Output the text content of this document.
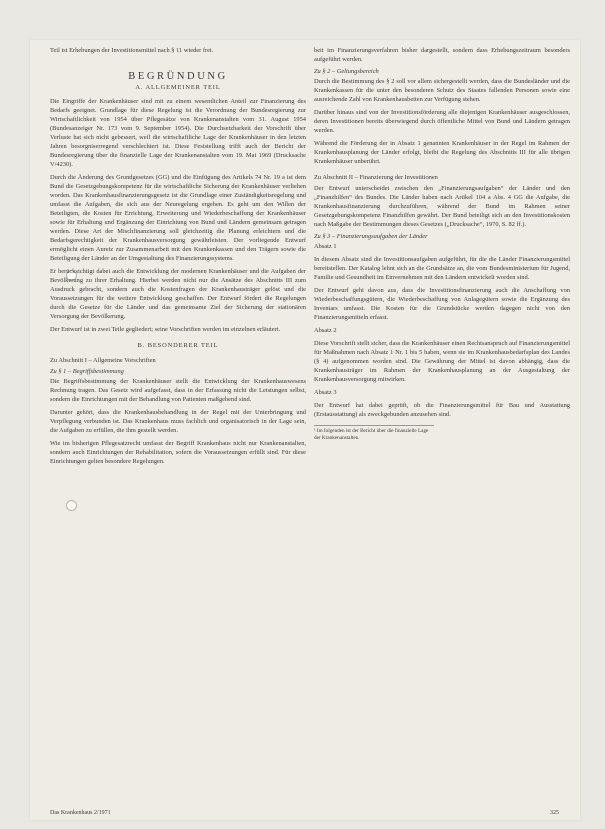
Teil ist Erhebungen der Investitionsmittel nach § 11 wieder frei.

BEGRÜNDUNG
A. ALLGEMEINER TEIL

Die Eingriffe der Krankenhäuser sind mit zu einem wesentlichen Anteil zur Finanzierung des Bedarfs geeignet. Grundlage für diese Regelung ist die Verordnung der Bundesregierung zur Wirtschaftlichkeit von 1954 über Pflegesätze von Krankenanstalten vom 31. August 1954 (Bundesanzeiger Nr. 173 vom 9. September 1954). Die Durchsetzbarkeit der Vorschrift über Verluste hat sich nicht gebessert, weil die wirtschaftliche Lage der Krankenhäuser in den letzten Jahren besorgniserregend verschlechtert ist. Diese Feststellung trifft auch der Bericht der Bundesregierung über die finanzielle Lage der Krankenanstalten vom 19. Mai 1969 (Drucksache V/4230).

Durch die Änderung des Grundgesetzes (GG) und die Einfügung des Artikels 74 Nr. 19 a ist dem Bund die Gesetzgebungskompetenz für die wirtschaftliche Sicherung der Krankenhäuser verliehen worden. Das Krankenhausfinanzierungsgesetz ist die Grundlage einer Zuständigkeitsregelung und umfasst die Aufgaben, die sich aus der Neuregelung ergeben. Es geht um den Willen der Beteiligten, die Kosten für Errichtung, Erweiterung und Wiederbeschaffung der Krankenhäuser sowie für Erhaltung und Ergänzung der Einrichtung von Bund und Ländern gemeinsam getragen werden. Diese Art der Mischfinanzierung soll gleichzeitig die Planung erleichtern und die Bedarfsgerechtigkeit der Krankenhausversorgung gewährleisten. Der vorliegende Entwurf ermöglicht einen Anreiz zur Zusammenarbeit mit den Krankenkassen und den Trägern sowie die Beteiligung der Länder an der Umgestaltung des Finanzierungssystems.

Er berücksichtigt dabei auch die Entwicklung der modernen Krankenhäuser und die Aufgaben der Bevölkerung zu ihrer Erhaltung. Hierbei werden nicht nur die Ansätze des Abschnitts III zum Ausdruck gebracht, sondern auch die Kostenfragen der Krankenhausträger gelöst und die Voraussetzungen für die weitere Entwicklung geschaffen. Der Entwurf fördert die Regelungen durch die Gesetze für die Länder und das gemeinsame Ziel der Sicherung der stationären Versorgung der Bevölkerung.

Der Entwurf ist in zwei Teile gegliedert; seine Vorschriften werden im einzelnen erläutert.

B. BESONDERER TEIL
Zu Abschnitt I – Allgemeine Vorschriften
Zu § 1 – Begriffsbestimmung

Die Begriffsbestimmung der Krankenhäuser stellt die Entwicklung der Krankenhauswesens Rechnung tragen. Das Gesetz wird aufgefasst, dass in der Erfassung nicht die Leistungen selbst, sondern die Einrichtungen mit der Behandlung von Patienten maßgebend sind.

Darunter gehört, dass die Krankenhausbehandlung in der Regel mit der Unterbringung und Verpflegung verbunden ist. Das Krankenhaus muss fachlich und organisatorisch in der Lage sein, die Aufgaben zu erfüllen, die ihm gestellt werden.

Wie im bisherigen Pflegesatzrecht umfasst der Begriff Krankenhaus nicht nur Krankenanstalten, sondern auch Einrichtungen der Rehabilitation, sofern die Voraussetzungen erfüllt sind. Für diese Einrichtungen gelten besondere Regelungen.

beit im Finanzierungsverfahren bisher dargestellt, sondern dass Erhebungszeitraum besonders aufgeführt werden.

Zu § 2 – Geltungsbereich

Durch die Bestimmung des § 2 soll vor allem sichergestellt werden, dass die Bundesländer und die Krankenkassen für die unter den besonderen Schutz des Staates fallenden Personen sowie eine ausreichende Zahl von Krankenhausbetten zur Verfügung stehen.

Darüber hinaus sind von der Investitionsförderung alle diejenigen Krankenhäuser ausgeschlossen, deren Investitionen bereits überwiegend durch öffentliche Mittel von Bund und Ländern getragen werden.

Während die Förderung der in Absatz 1 genannten Krankenhäuser in der Regel im Rahmen der Krankenhausplanung der Länder erfolgt, bleibt die Regelung des Abschnitts III für alle übrigen Krankenhäuser unberührt.

Zu Abschnitt II – Finanzierung der Investitionen

Der Entwurf unterscheidet zwischen den „Finanzierungsaufgaben“ der Länder und den „Finanzhilfen“ des Bundes. Die Länder haben nach Artikel 104 a Abs. 4 GG die Aufgabe, die Krankenhausfinanzierung durchzuführen, während der Bund im Rahmen seiner Gesetzgebungskompetenz Finanzhilfen gewährt. Der Bund beteiligt sich an den Investitionskosten nach Maßgabe der Bestimmungen dieses Gesetzes („Drucksache“, 1970, S. 82 ff.).

Zu § 3 – Finanzierungsaufgaben der Länder

Absatz 1

In diesem Absatz sind die Investitionsaufgaben aufgeführt, für die die Länder Finanzierungsmittel bereitstellen. Der Katalog lehnt sich an die Grundsätze an, die vom Bundesministerium für Jugend, Familie und Gesundheit im Einvernehmen mit den Ländern entwickelt worden sind.

Der Entwurf geht davon aus, dass die Investitionsfinanzierung auch die Anschaffung von Wiederbeschaffungsgütern, die Wiederbeschaffung von Anlagegütern sowie die Ergänzung des Inventars umfasst. Die Kosten für die Grundstücke werden dagegen nicht von den Finanzierungsmitteln erfasst.

Absatz 2

Diese Vorschrift stellt sicher, dass die Krankenhäuser einen Rechtsanspruch auf Finanzierungsmittel für Maßnahmen nach Absatz 1 Nr. 1 bis 5 haben, wenn sie im Krankenhausbedarfsplan des Landes (§ 4) aufgenommen worden sind. Die Gewährung der Mittel ist davon abhängig, dass die Krankenhausträger im Rahmen der Krankenhausplanung an der Ausgestaltung der Krankenhausversorgung mitwirken.

Absatz 3

Der Entwurf hat dabei geprüft, ob die Finanzierungsmittel für Bau und Ausstattung (Erstausstattung) als zweckgebunden anzusehen sind.

¹ Im folgenden ist der Bericht über die finanzielle Lage der Krankenanstalten.
Das Krankenhaus 2/1971	325
